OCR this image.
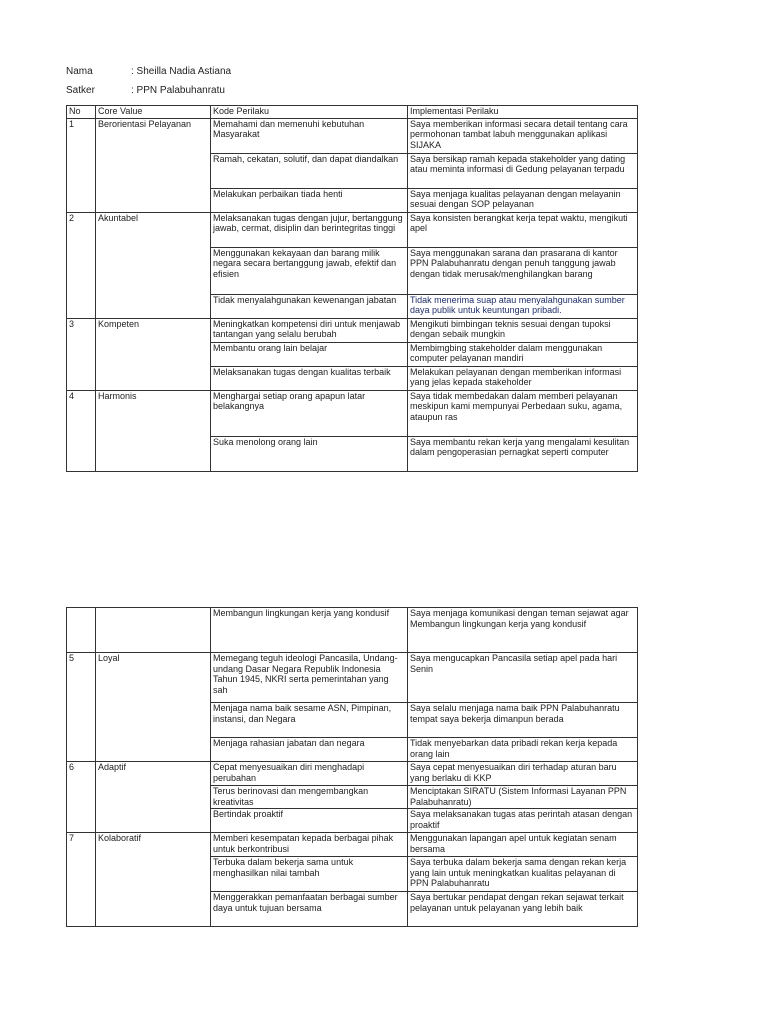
Nama	: Sheilla Nadia Astiana
Satker	: PPN Palabuhanratu
No	Core Value	Kode Perilaku	Implementasi Perilaku
1	Berorientasi Pelayanan	Memahami dan memenuhi kebutuhan Masyarakat	Saya memberikan informasi secara detail tentang cara permohonan tambat labuh menggunakan aplikasi SIJAKA
		Ramah, cekatan, solutif, dan dapat diandalkan	Saya bersikap ramah kepada stakeholder yang dating atau meminta informasi di Gedung pelayanan terpadu
		Melakukan perbaikan tiada henti	Saya menjaga kualitas pelayanan dengan melayanin sesuai dengan SOP pelayanan
2	Akuntabel	Melaksanakan tugas dengan jujur, bertanggung jawab, cermat, disiplin dan berintegritas tinggi	Saya konsisten berangkat kerja tepat waktu, mengikuti apel
		Menggunakan kekayaan dan barang milik negara secara bertanggung jawab, efektif dan efisien	Saya menggunakan sarana dan prasarana di kantor PPN Palabuhanratu dengan penuh tanggung jawab dengan tidak merusak/menghilangkan barang
		Tidak menyalahgunakan kewenangan jabatan	Tidak menerima suap atau menyalahgunakan sumber daya publik untuk keuntungan pribadi.
3	Kompeten	Meningkatkan kompetensi diri untuk menjawab tantangan yang selalu berubah	Mengikuti bimbingan teknis sesuai dengan tupoksi dengan sebaik mungkin
		Membantu orang lain belajar	Membimgbing stakeholder dalam menggunakan computer pelayanan mandiri
		Melaksanakan tugas dengan kualitas terbaik	Melakukan pelayanan dengan memberikan informasi yang jelas kepada stakeholder
4	Harmonis	Menghargai setiap orang apapun latar belakangnya	Saya tidak membedakan dalam memberi pelayanan meskipun kami mempunyai Perbedaan suku, agama, ataupun ras
		Suka menolong orang lain	Saya membantu rekan kerja yang mengalami kesulitan dalam pengoperasian pernagkat seperti computer
		Membangun lingkungan kerja yang kondusif	Saya menjaga komunikasi dengan teman sejawat agar
Membangun lingkungan kerja yang kondusif
5	Loyal	Memegang teguh ideologi Pancasila, Undang-undang Dasar Negara Republik Indonesia Tahun 1945, NKRI serta pemerintahan yang sah	Saya mengucapkan Pancasila setiap apel pada hari Senin
		Menjaga nama baik sesame ASN, Pimpinan, instansi, dan Negara	Saya selalu menjaga nama baik PPN Palabuhanratu tempat saya bekerja dimanpun berada
		Menjaga rahasian jabatan dan negara	Tidak menyebarkan data pribadi rekan kerja kepada orang lain
6	Adaptif	Cepat menyesuaikan diri menghadapi perubahan	Saya cepat menyesuaikan diri terhadap aturan baru yang berlaku di KKP
		Terus berinovasi dan mengembangkan kreativitas	Menciptakan SIRATU (Sistem Informasi Layanan PPN Palabuhanratu)
		Bertindak proaktif	Saya melaksanakan tugas atas perintah atasan dengan proaktif
7	Kolaboratif	Memberi kesempatan kepada berbagai pihak untuk berkontribusi	Menggunakan lapangan apel untuk kegiatan senam bersama
		Terbuka dalam bekerja sama untuk menghasilkan nilai tambah	Saya terbuka dalam bekerja sama dengan rekan kerja yang lain untuk meningkatkan kualitas pelayanan di PPN Palabuhanratu
		Menggerakkan pemanfaatan berbagai sumber daya untuk tujuan bersama	Saya bertukar pendapat dengan rekan sejawat terkait pelayanan untuk pelayanan yang lebih baik
